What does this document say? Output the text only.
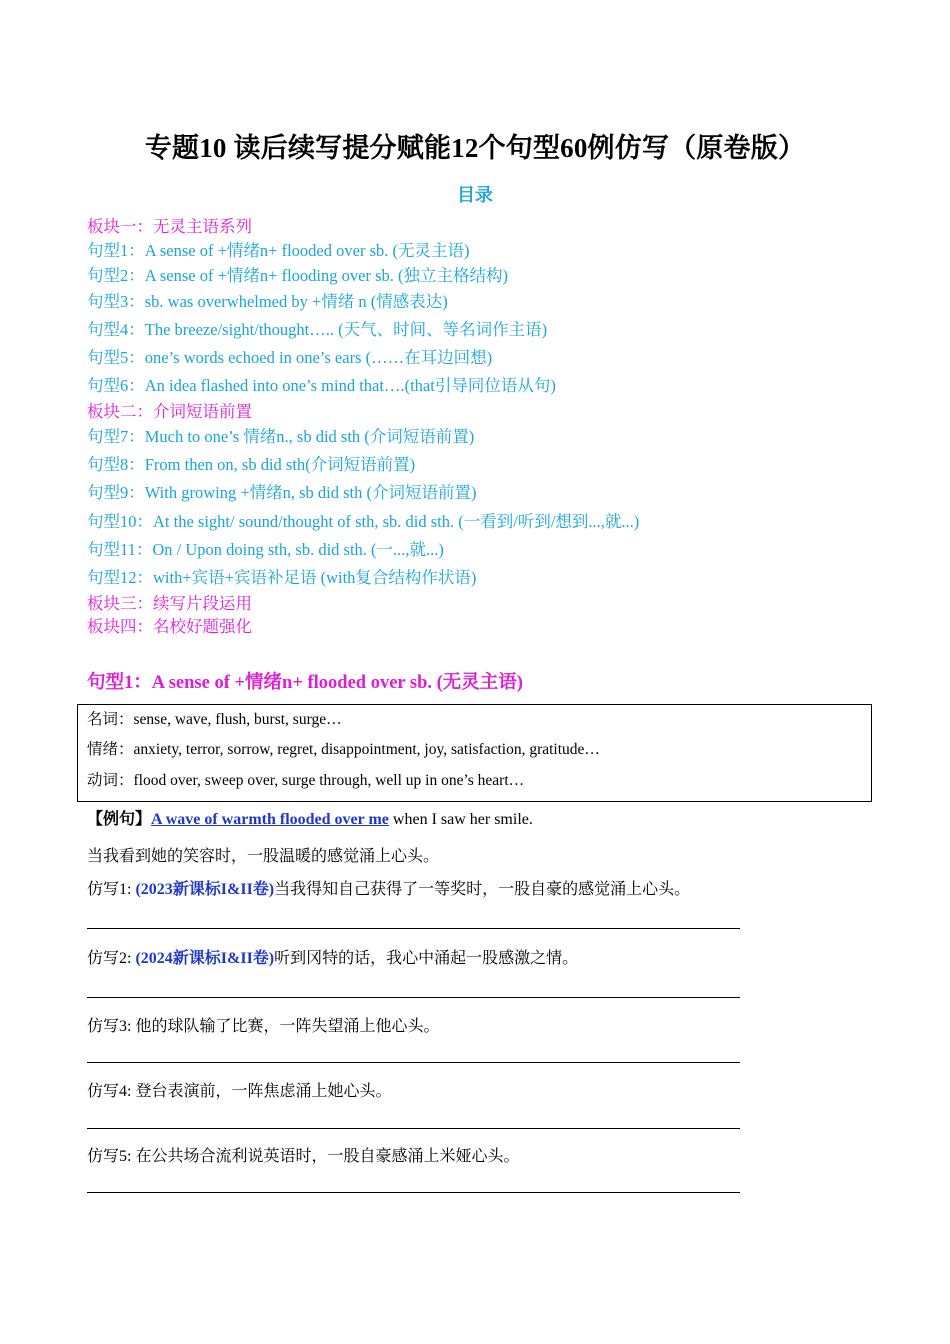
专题10 读后续写提分赋能12个句型60例仿写（原卷版）
目录
板块一：无灵主语系列
句型1：A sense of +情绪n+ flooded over sb. (无灵主语)
句型2：A sense of +情绪n+ flooding over sb. (独立主格结构)
句型3：sb. was overwhelmed by +情绪 n (情感表达)
句型4：The breeze/sight/thought….. (天气、时间、等名词作主语)
句型5：one’s words echoed in one’s ears (……在耳边回想)
句型6：An idea flashed into one’s mind that….(that引导同位语从句)
板块二：介词短语前置
句型7：Much to one’s 情绪n., sb did sth (介词短语前置)
句型8：From then on, sb did sth(介词短语前置)
句型9：With growing +情绪n, sb did sth (介词短语前置)
句型10：At the sight/ sound/thought of sth, sb. did sth. (一看到/听到/想到...,就...)
句型11：On / Upon doing sth, sb. did sth. (一...,就...)
句型12：with+宾语+宾语补足语 (with复合结构作状语)
板块三：续写片段运用
板块四：名校好题强化
句型1：A sense of +情绪n+ flooded over sb. (无灵主语)
名词：sense, wave, flush, burst, surge…
情绪：anxiety, terror, sorrow, regret, disappointment, joy, satisfaction, gratitude…
动词：flood over, sweep over, surge through, well up in one’s heart…
【例句】A wave of warmth flooded over me when I saw her smile.
当我看到她的笑容时，一股温暖的感觉涌上心头。
仿写1: (2023新课标I&II卷)当我得知自己获得了一等奖时，一股自豪的感觉涌上心头。
仿写2: (2024新课标I&II卷)听到冈特的话，我心中涌起一股感激之情。
仿写3: 他的球队输了比赛，一阵失望涌上他心头。
仿写4: 登台表演前，一阵焦虑涌上她心头。
仿写5: 在公共场合流利说英语时，一股自豪感涌上米娅心头。
